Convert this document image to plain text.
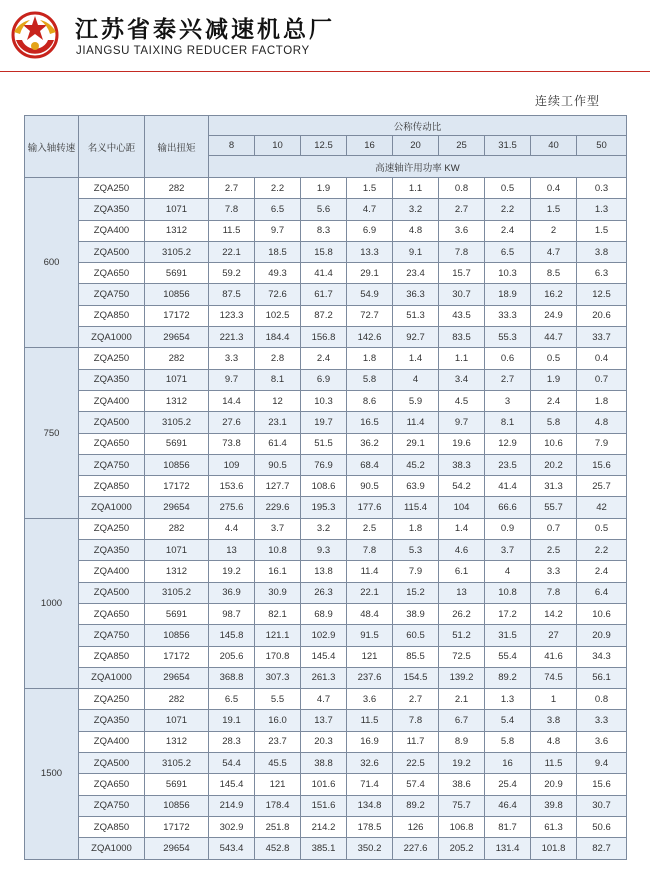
江苏省泰兴减速机总厂
JIANGSU TAIXING REDUCER FACTORY
连续工作型
输入轴转速	名义中心距	输出扭矩	公称传动比								
			8	10	12.5	16	20	25	31.5	40	50
			高速轴许用功率 KW								
600	ZQA250	282	2.7	2.2	1.9	1.5	1.1	0.8	0.5	0.4	0.3
	ZQA350	1071	7.8	6.5	5.6	4.7	3.2	2.7	2.2	1.5	1.3
	ZQA400	1312	11.5	9.7	8.3	6.9	4.8	3.6	2.4	2	1.5
	ZQA500	3105.2	22.1	18.5	15.8	13.3	9.1	7.8	6.5	4.7	3.8
	ZQA650	5691	59.2	49.3	41.4	29.1	23.4	15.7	10.3	8.5	6.3
	ZQA750	10856	87.5	72.6	61.7	54.9	36.3	30.7	18.9	16.2	12.5
	ZQA850	17172	123.3	102.5	87.2	72.7	51.3	43.5	33.3	24.9	20.6
	ZQA1000	29654	221.3	184.4	156.8	142.6	92.7	83.5	55.3	44.7	33.7
750	ZQA250	282	3.3	2.8	2.4	1.8	1.4	1.1	0.6	0.5	0.4
	ZQA350	1071	9.7	8.1	6.9	5.8	4	3.4	2.7	1.9	0.7
	ZQA400	1312	14.4	12	10.3	8.6	5.9	4.5	3	2.4	1.8
	ZQA500	3105.2	27.6	23.1	19.7	16.5	11.4	9.7	8.1	5.8	4.8
	ZQA650	5691	73.8	61.4	51.5	36.2	29.1	19.6	12.9	10.6	7.9
	ZQA750	10856	109	90.5	76.9	68.4	45.2	38.3	23.5	20.2	15.6
	ZQA850	17172	153.6	127.7	108.6	90.5	63.9	54.2	41.4	31.3	25.7
	ZQA1000	29654	275.6	229.6	195.3	177.6	115.4	104	66.6	55.7	42
1000	ZQA250	282	4.4	3.7	3.2	2.5	1.8	1.4	0.9	0.7	0.5
	ZQA350	1071	13	10.8	9.3	7.8	5.3	4.6	3.7	2.5	2.2
	ZQA400	1312	19.2	16.1	13.8	11.4	7.9	6.1	4	3.3	2.4
	ZQA500	3105.2	36.9	30.9	26.3	22.1	15.2	13	10.8	7.8	6.4
	ZQA650	5691	98.7	82.1	68.9	48.4	38.9	26.2	17.2	14.2	10.6
	ZQA750	10856	145.8	121.1	102.9	91.5	60.5	51.2	31.5	27	20.9
	ZQA850	17172	205.6	170.8	145.4	121	85.5	72.5	55.4	41.6	34.3
	ZQA1000	29654	368.8	307.3	261.3	237.6	154.5	139.2	89.2	74.5	56.1
1500	ZQA250	282	6.5	5.5	4.7	3.6	2.7	2.1	1.3	1	0.8
	ZQA350	1071	19.1	16.0	13.7	11.5	7.8	6.7	5.4	3.8	3.3
	ZQA400	1312	28.3	23.7	20.3	16.9	11.7	8.9	5.8	4.8	3.6
	ZQA500	3105.2	54.4	45.5	38.8	32.6	22.5	19.2	16	11.5	9.4
	ZQA650	5691	145.4	121	101.6	71.4	57.4	38.6	25.4	20.9	15.6
	ZQA750	10856	214.9	178.4	151.6	134.8	89.2	75.7	46.4	39.8	30.7
	ZQA850	17172	302.9	251.8	214.2	178.5	126	106.8	81.7	61.3	50.6
	ZQA1000	29654	543.4	452.8	385.1	350.2	227.6	205.2	131.4	101.8	82.7
